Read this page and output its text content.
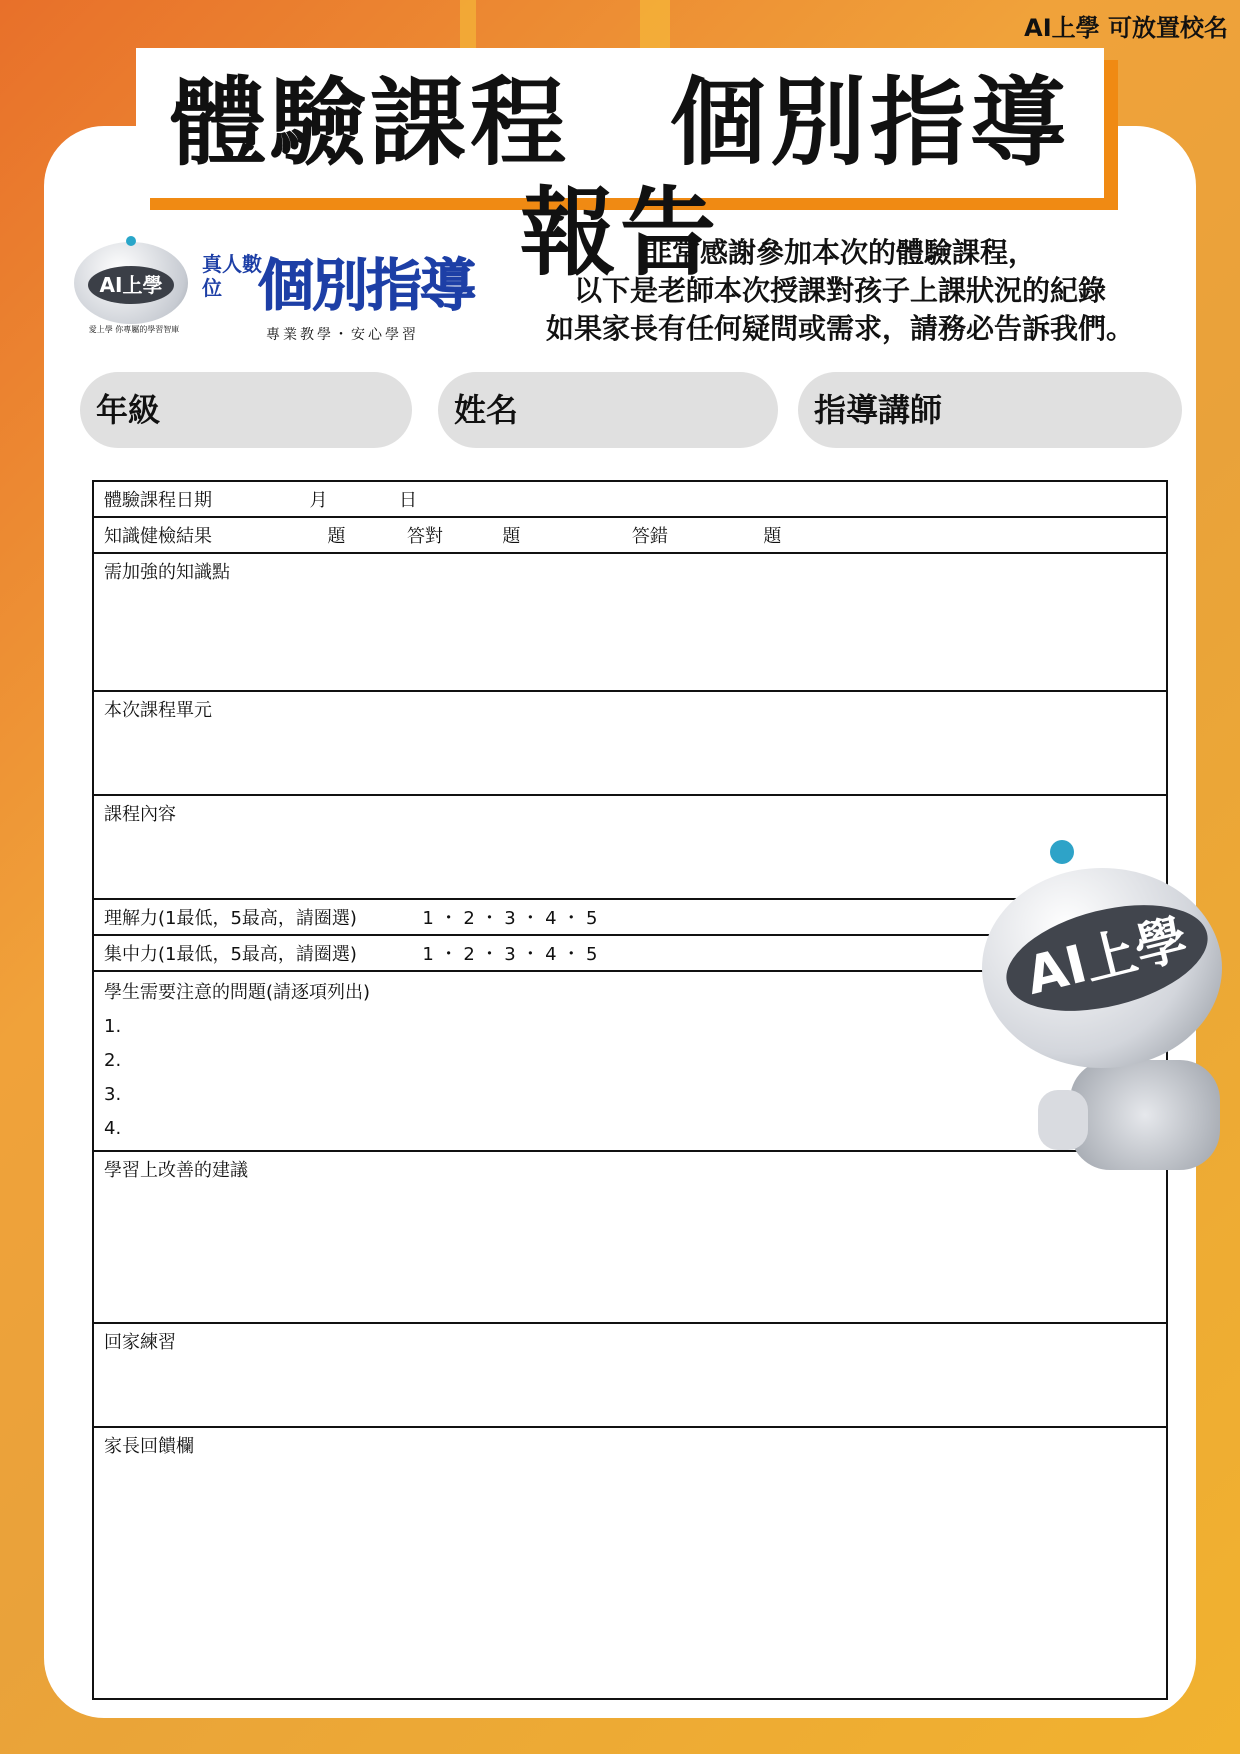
AI上學 可放置校名
體驗課程　個別指導報告
AI上學
愛上學 你專屬的學習智庫
真人數位 個別指導
專業教學・安心學習
非常感謝參加本次的體驗課程，
以下是老師本次授課對孩子上課狀況的紀錄
如果家長有任何疑問或需求，請務必告訴我們。
年級	姓名	指導講師
體驗課程日期	月	日
知識健檢結果	題	答對	題	答錯	題
需加強的知識點
本次課程單元
課程內容
理解力(1最低，5最高，請圈選)	1 ・ 2 ・ 3 ・ 4 ・ 5
集中力(1最低，5最高，請圈選)	1 ・ 2 ・ 3 ・ 4 ・ 5

學生需要注意的問題(請逐項列出)
1.
2.
3.
4.

學習上改善的建議
回家練習
家長回饋欄
AI上學
